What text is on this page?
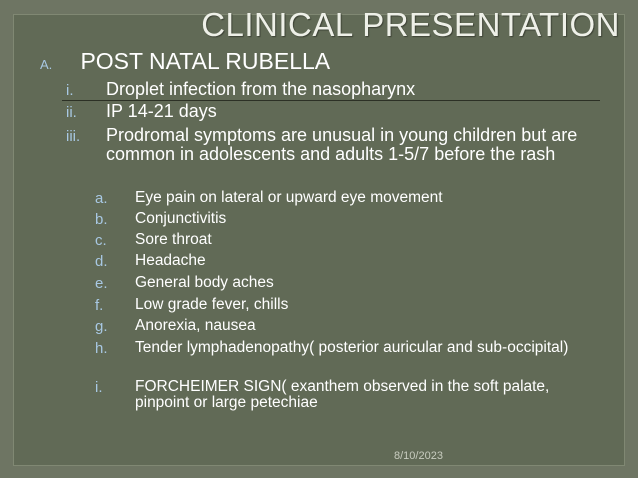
CLINICAL PRESENTATION
A. POST NATAL RUBELLA
i.	Droplet infection from the nasopharynx
ii.	IP 14-21 days
iii.	Prodromal symptoms are unusual in young children but are common in adolescents and adults 1-5/7 before the rash
a.	Eye pain on lateral or upward eye movement
b.	Conjunctivitis
c.	Sore throat
d.	Headache
e.	General body aches
f.	Low grade fever, chills
g.	Anorexia, nausea
h.	Tender lymphadenopathy( posterior auricular and sub-occipital)
i.	FORCHEIMER SIGN( exanthem observed in the soft palate, pinpoint or large petechiae
8/10/2023
